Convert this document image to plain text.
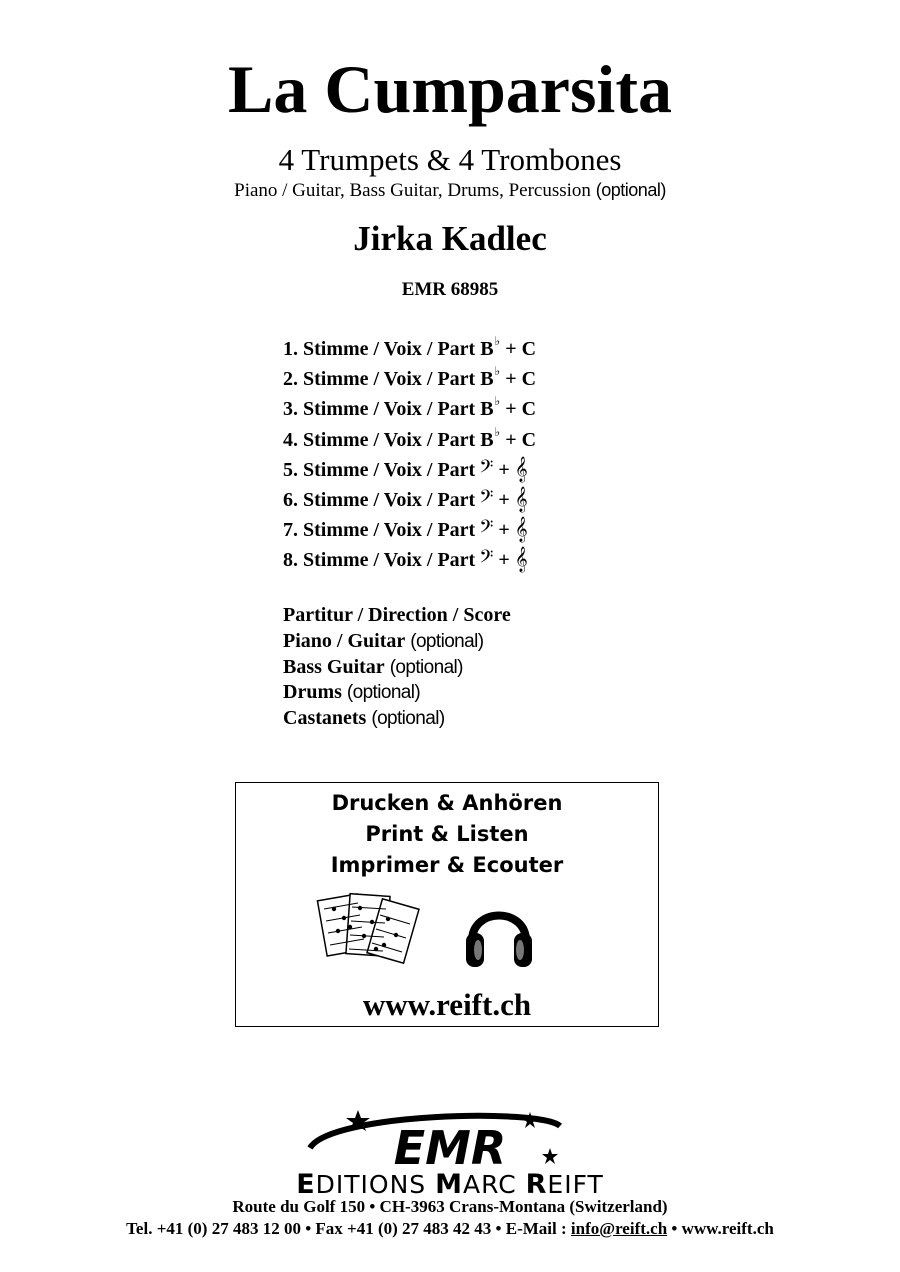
La Cumparsita
4 Trumpets & 4 Trombones
Piano / Guitar, Bass Guitar, Drums, Percussion (optional)
Jirka Kadlec
EMR 68985
1.
Stimme / Voix / Part B ♭ + C
2.
Stimme / Voix / Part B ♭ + C
3.
Stimme / Voix / Part B ♭ + C
4.
Stimme / Voix / Part B ♭ + C
5.
Stimme / Voix / Part 𝄢 + 𝄞
6.
Stimme / Voix / Part 𝄢 + 𝄞
7.
Stimme / Voix / Part 𝄢 + 𝄞
8.
Stimme / Voix / Part 𝄢 + 𝄞
Partitur / Direction / Score
Piano / Guitar (optional)
Bass Guitar (optional)
Drums (optional)
Castanets (optional)
Drucken & Anhören
Print & Listen
Imprimer & Ecouter
www.reift.ch
EMR
EDITIONS MARC REIFT
Route du Golf 150 • CH-3963 Crans-Montana (Switzerland)
Tel. +41 (0) 27 483 12 00 • Fax +41 (0) 27 483 42 43 • E-Mail : info@reift.ch • www.reift.ch
